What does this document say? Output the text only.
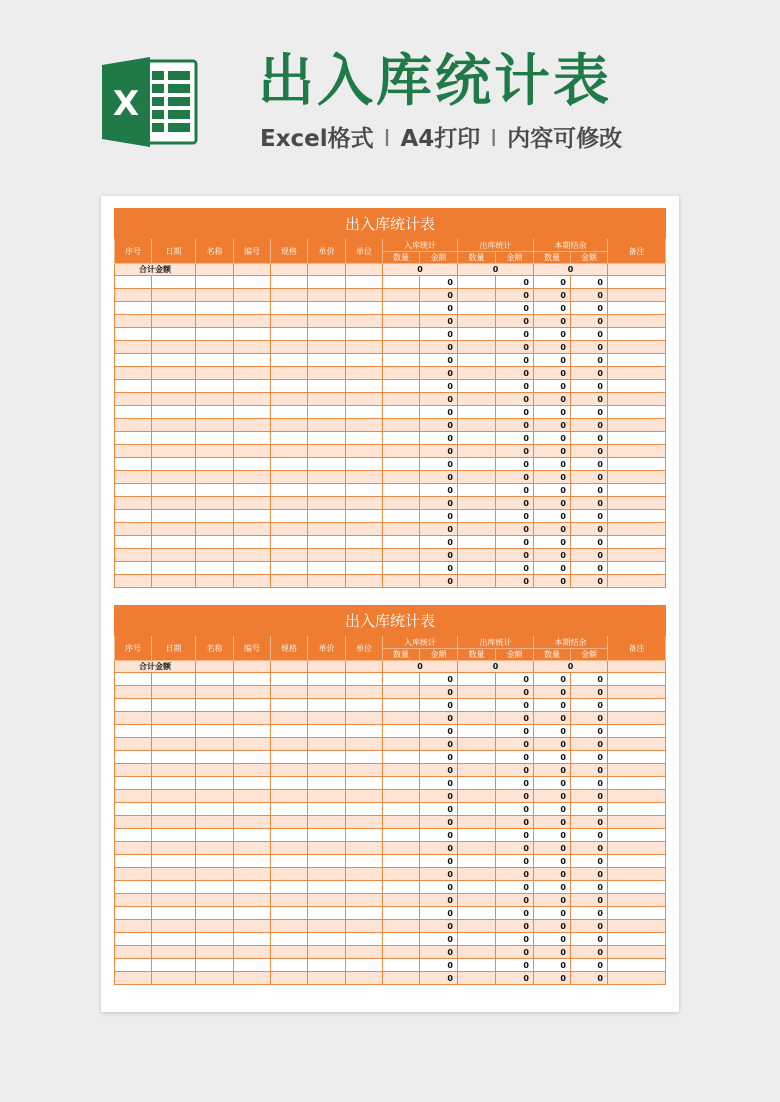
X 出入库统计表
Excel格式 I A4打印 I 内容可修改
出入库统计表													
序号	日期	名称	编号	规格	单价	单位	入库统计		出库统计		本期结余		备注
							数量	金额	数量	金额	数量	金额	
合计金额							0		0		0		
								0		0	0	0	
								0		0	0	0	
								0		0	0	0	
								0		0	0	0	
								0		0	0	0	
								0		0	0	0	
								0		0	0	0	
								0		0	0	0	
								0		0	0	0	
								0		0	0	0	
								0		0	0	0	
								0		0	0	0	
								0		0	0	0	
								0		0	0	0	
								0		0	0	0	
								0		0	0	0	
								0		0	0	0	
								0		0	0	0	
								0		0	0	0	
								0		0	0	0	
								0		0	0	0	
								0		0	0	0	
								0		0	0	0	
								0		0	0	0	
出入库统计表													
序号	日期	名称	编号	规格	单价	单位	入库统计		出库统计		本期结余		备注
							数量	金额	数量	金额	数量	金额	
合计金额							0		0		0		
								0		0	0	0	
								0		0	0	0	
								0		0	0	0	
								0		0	0	0	
								0		0	0	0	
								0		0	0	0	
								0		0	0	0	
								0		0	0	0	
								0		0	0	0	
								0		0	0	0	
								0		0	0	0	
								0		0	0	0	
								0		0	0	0	
								0		0	0	0	
								0		0	0	0	
								0		0	0	0	
								0		0	0	0	
								0		0	0	0	
								0		0	0	0	
								0		0	0	0	
								0		0	0	0	
								0		0	0	0	
								0		0	0	0	
								0		0	0	0	
